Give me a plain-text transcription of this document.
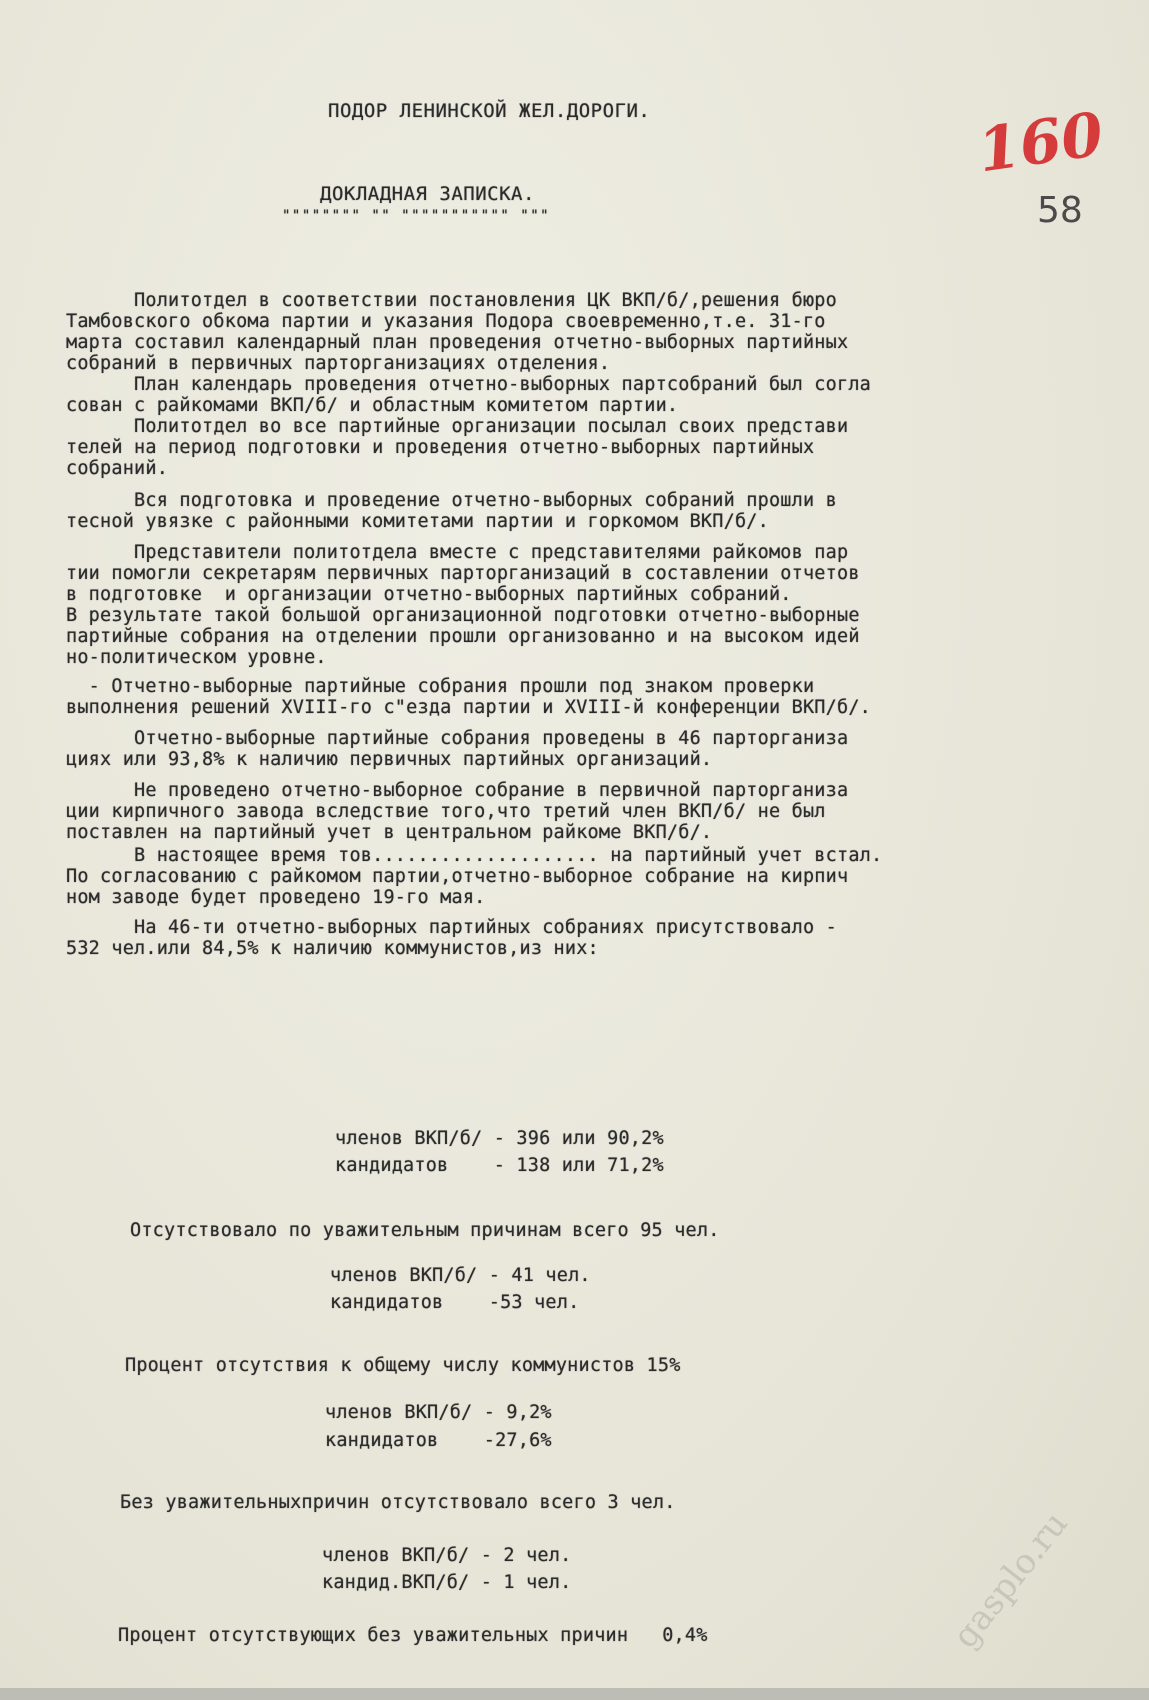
ПОДОР ЛЕНИНСКОЙ ЖЕЛ.ДОРОГИ.
ДОКЛАДНАЯ ЗАПИСКА.
"""""""" "" """"""""""" """
160
58
Политотдел в соответствии постановления ЦК ВКП/б/,решения бюро
Тамбовского обкома партии и указания Подора своевременно,т.е. 31-го
марта составил календарный план проведения отчетно-выборных партийных
собраний в первичных парторганизациях отделения.
План календарь проведения отчетно-выборных партсобраний был согла
сован с райкомами ВКП/б/ и областным комитетом партии.
Политотдел во все партийные организации посылал своих представи
телей на период подготовки и проведения отчетно-выборных партийных
собраний.
Вся подготовка и проведение отчетно-выборных собраний прошли в
тесной увязке с районными комитетами партии и горкомом ВКП/б/.
Представители политотдела вместе с представителями райкомов пар
тии помогли секретарям первичных парторганизаций в составлении отчетов
в подготовке  и организации отчетно-выборных партийных собраний.
В результате такой большой организационной подготовки отчетно-выборные
партийные собрания на отделении прошли организованно и на высоком идей
но-политическом уровне.
- Отчетно-выборные партийные собрания прошли под знаком проверки
выполнения решений XVIII-го с"езда партии и XVIII-й конференции ВКП/б/.
Отчетно-выборные партийные собрания проведены в 46 парторганиза
циях или 93,8% к наличию первичных партийных организаций.
Не проведено отчетно-выборное собрание в первичной парторганиза
ции кирпичного завода вследствие того,что третий член ВКП/б/ не был
поставлен на партийный учет в центральном райкоме ВКП/б/.
В настоящее время тов.................... на партийный учет встал.
По согласованию с райкомом партии,отчетно-выборное собрание на кирпич
ном заводе будет проведено 19-го мая.
На 46-ти отчетно-выборных партийных собраниях присутствовало -
532 чел.или 84,5% к наличию коммунистов,из них:
членов ВКП/б/ - 396 или 90,2%
кандидатов    - 138 или 71,2%
Отсутствовало по уважительным причинам всего 95 чел.
членов ВКП/б/ - 41 чел.
кандидатов    -53 чел.
Процент отсутствия к общему числу коммунистов 15%
членов ВКП/б/ - 9,2%
кандидатов    -27,6%
Без уважительныхпричин отсутствовало всего 3 чел.
членов ВКП/б/ - 2 чел.
кандид.ВКП/б/ - 1 чел.
Процент отсутствующих без уважительных причин   0,4%	gasplo.ru
